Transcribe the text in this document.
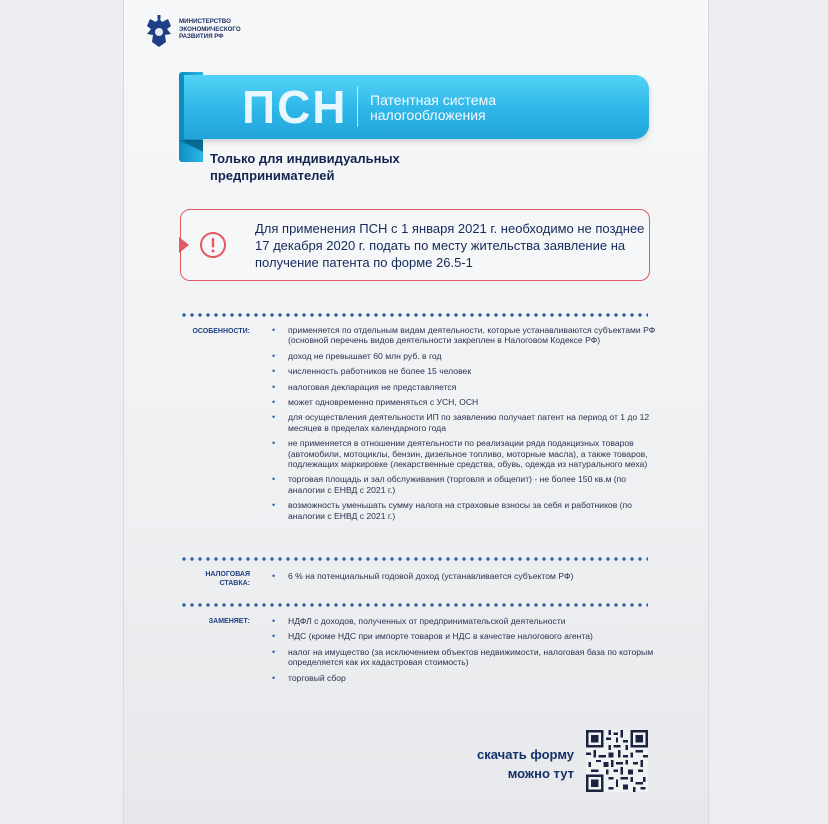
МИНИСТЕРСТВО ЭКОНОМИЧЕСКОГО РАЗВИТИЯ РФ
ПСН Патентная система налогообложения
Только для индивидуальных предпринимателей
Для применения ПСН с 1 января 2021 г. необходимо не позднее 17 декабря 2020 г. подать по месту жительства заявление на получение патента по форме 26.5-1
ОСОБЕННОСТИ: • применяется по отдельным видам деятельности, которые устанавливаются субъектами РФ (основной перечень видов деятельности закреплен в Налоговом Кодексе РФ)
• доход не превышает 60 млн руб. в год
• численность работников не более 15 человек
• налоговая декларация не представляется
• может одновременно применяться с УСН, ОСН
• для осуществления деятельности ИП по заявлению получает патент на период от 1 до 12 месяцев в пределах календарного года
• не применяется в отношении деятельности по реализации ряда подакцизных товаров (автомобили, мотоциклы, бензин, дизельное топливо, моторные масла), а также товаров, подлежащих маркировке (лекарственные средства, обувь, одежда из натурального меха)
• торговая площадь и зал обслуживания (торговля и общепит) - не более 150 кв.м (по аналогии с ЕНВД с 2021 г.)
• возможность уменьшать сумму налога на страховые взносы за себя и работников (по аналогии с ЕНВД с 2021 г.)
НАЛОГОВАЯ
СТАВКА:
• 6 % на потенциальный годовой доход (устанавливается субъектом РФ)
ЗАМЕНЯЕТ: • НДФЛ с доходов, полученных от предпринимательской деятельности
• НДС (кроме НДС при импорте товаров и НДС в качестве налогового агента)
• налог на имущество (за исключением объектов недвижимости, налоговая база по которым определяется как их кадастровая стоимость)
• торговый сбор
скачать форму
можно тут
